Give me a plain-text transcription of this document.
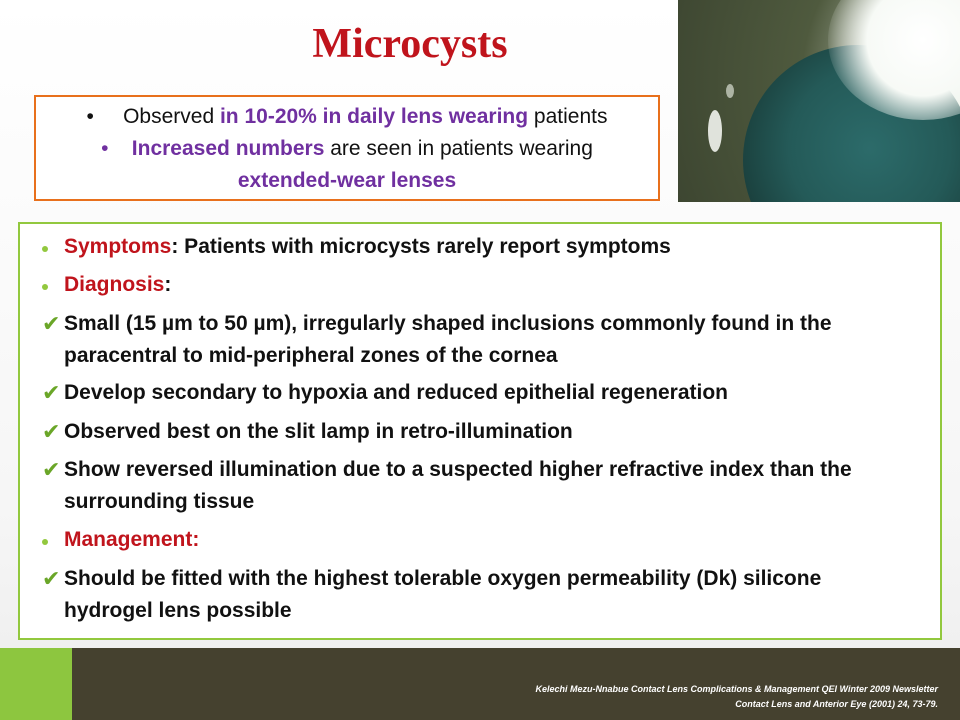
Microcysts
• Observed in 10-20% in daily lens wearing patients
• Increased numbers are seen in patients wearing
extended-wear lenses
Symptoms: Patients with microcysts rarely report symptoms
Diagnosis:
✔ Small (15 µm to 50 µm), irregularly shaped inclusions commonly found in the
paracentral to mid-peripheral zones of the cornea
✔ Develop secondary to hypoxia and reduced epithelial regeneration
✔ Observed best on the slit lamp in retro-illumination
✔ Show reversed illumination due to a suspected higher refractive index than the
surrounding tissue
Management:
✔ Should be fitted with the highest tolerable oxygen permeability (Dk) silicone
hydrogel lens possible
Kelechi Mezu-Nnabue Contact Lens Complications & Management QEI Winter 2009 Newsletter
Contact Lens and Anterior Eye (2001) 24, 73-79.
